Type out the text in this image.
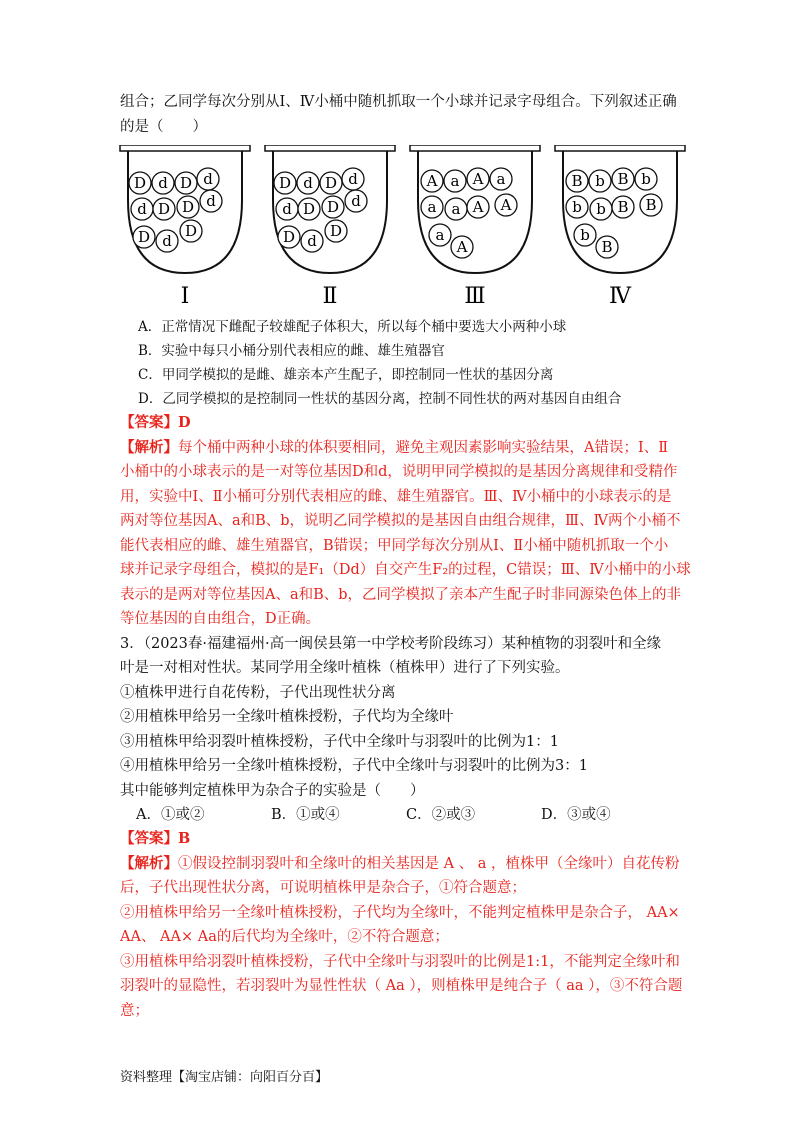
组合；乙同学每次分别从Ⅰ、Ⅳ小桶中随机抓取一个小球并记录字母组合。下列叙述正确
的是（　　）
D d D d
d D D d
D d
D
Ⅰ
D d D d
d D D d
D d
D
Ⅱ
A a A a
a a A A
a
A
Ⅲ
B b B b
b b B B
b
B
Ⅳ
A．正常情况下雌配子较雄配子体积大，所以每个桶中要选大小两种小球
B．实验中每只小桶分别代表相应的雌、雄生殖器官
C．甲同学模拟的是雌、雄亲本产生配子，即控制同一性状的基因分离
D．乙同学模拟的是控制同一性状的基因分离，控制不同性状的两对基因自由组合
【答案】D
【解析】每个桶中两种小球的体积要相同，避免主观因素影响实验结果，A错误；Ⅰ、Ⅱ
小桶中的小球表示的是一对等位基因D和d，说明甲同学模拟的是基因分离规律和受精作
用，实验中Ⅰ、Ⅱ小桶可分别代表相应的雌、雄生殖器官。Ⅲ、Ⅳ小桶中的小球表示的是
两对等位基因A、a和B、b，说明乙同学模拟的是基因自由组合规律，Ⅲ、Ⅳ两个小桶不
能代表相应的雌、雄生殖器官，B错误；甲同学每次分别从Ⅰ、Ⅱ小桶中随机抓取一个小
球并记录字母组合，模拟的是F₁（Dd）自交产生F₂的过程，C错误；Ⅲ、Ⅳ小桶中的小球
表示的是两对等位基因A、a和B、b，乙同学模拟了亲本产生配子时非同源染色体上的非
等位基因的自由组合，D正确。
3．（2023春·福建福州·高一闽侯县第一中学校考阶段练习）某种植物的羽裂叶和全缘
叶是一对相对性状。某同学用全缘叶植株（植株甲）进行了下列实验。
①植株甲进行自花传粉，子代出现性状分离
②用植株甲给另一全缘叶植株授粉，子代均为全缘叶
③用植株甲给羽裂叶植株授粉，子代中全缘叶与羽裂叶的比例为1：1
④用植株甲给另一全缘叶植株授粉，子代中全缘叶与羽裂叶的比例为3：1
其中能够判定植株甲为杂合子的实验是（　　）
A．①或②	B．①或④	C．②或③	D．③或④
【答案】B
【解析】①假设控制羽裂叶和全缘叶的相关基因是 A 、 a ，植株甲（全缘叶）自花传粉
后，子代出现性状分离，可说明植株甲是杂合子，①符合题意；
②用植株甲给另一全缘叶植株授粉，子代均为全缘叶，不能判定植株甲是杂合子， AA×
AA、 AA× Aa的后代均为全缘叶，②不符合题意；
③用植株甲给羽裂叶植株授粉，子代中全缘叶与羽裂叶的比例是1:1，不能判定全缘叶和
羽裂叶的显隐性，若羽裂叶为显性性状（ Aa ），则植株甲是纯合子（ aa ），③不符合题
意；
资料整理【淘宝店铺：向阳百分百】
